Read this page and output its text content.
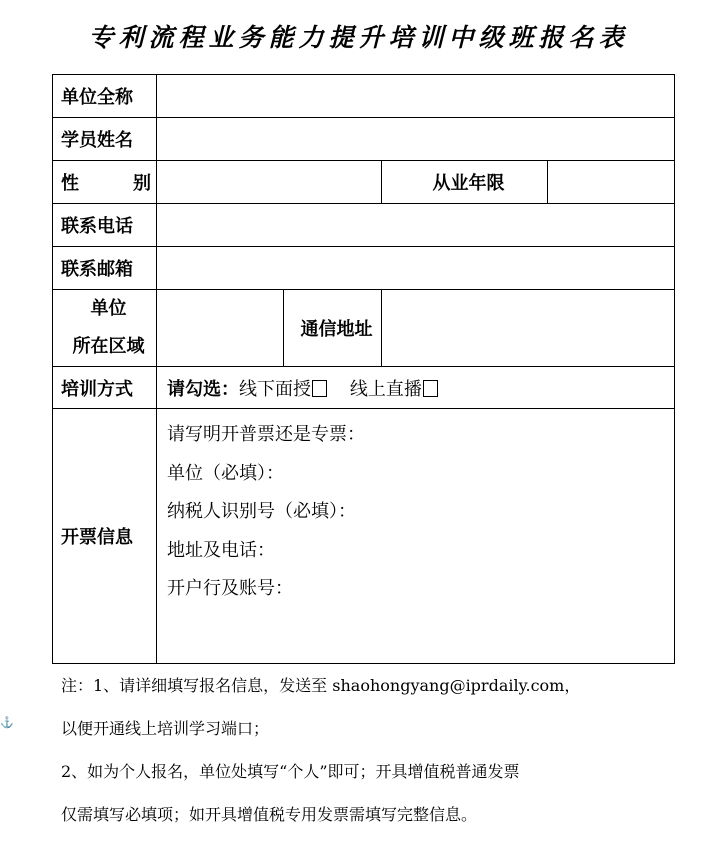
专利流程业务能力提升培训中级班报名表
单位全称				
学员姓名				
性 别			从业年限	
联系电话				
联系邮箱				

单位
所在区域		通信地址		
培训方式	请勾选：线下面授 线上直播			
开票信息	请写明开普票还是专票：
单位（必填）：
纳税人识别号（必填）：
地址及电话：
开户行及账号：			
⚓
注：1、请详细填写报名信息，发送至 shaohongyang@iprdaily.com，
以便开通线上培训学习端口；
2、如为个人报名，单位处填写“个人”即可；开具增值税普通发票
仅需填写必填项；如开具增值税专用发票需填写完整信息。
